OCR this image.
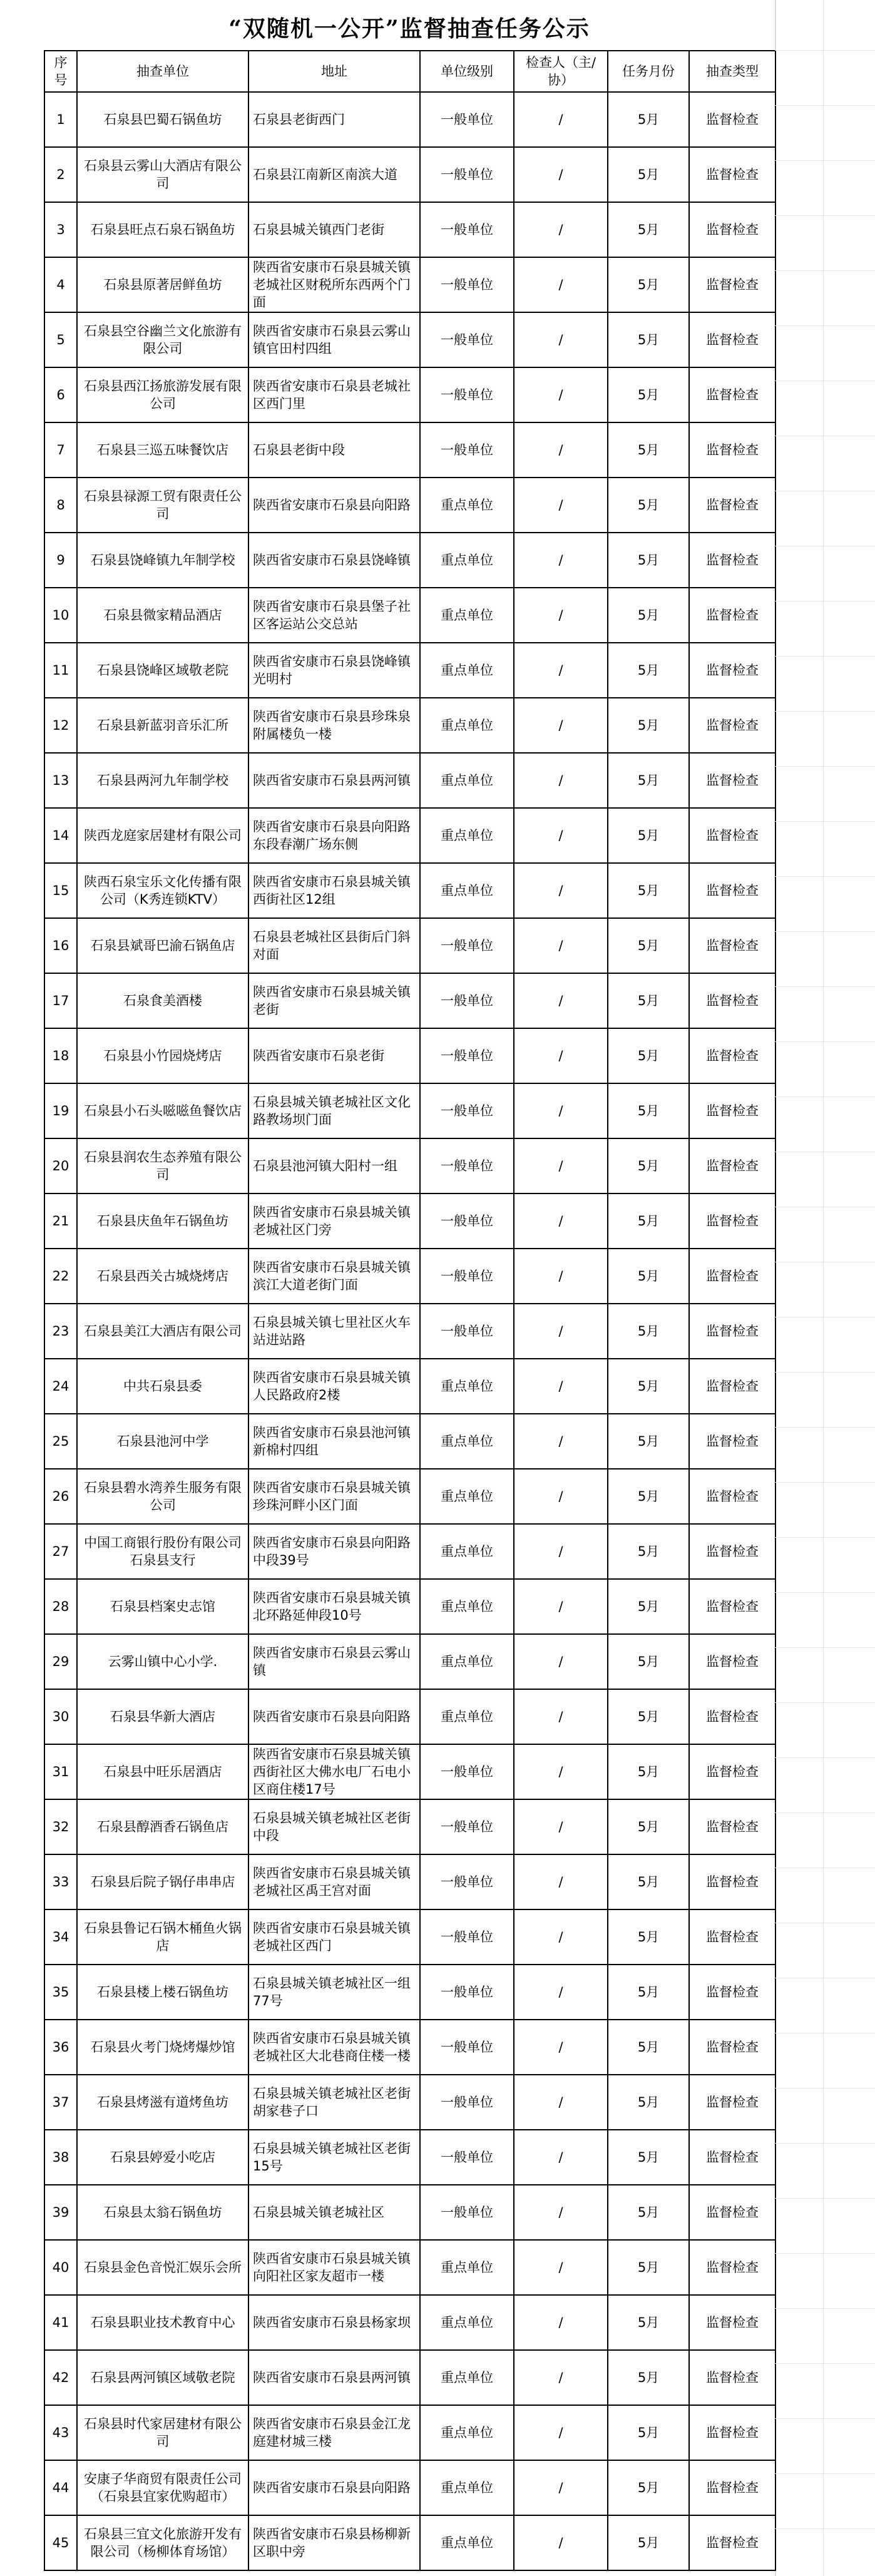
“双随机一公开”监督抽查任务公示
序号	抽查单位	地址	单位级别	检查人（主/协）	任务月份	抽查类型
1	石泉县巴蜀石锅鱼坊	石泉县老街西门	一般单位	/	5月	监督检查
2	石泉县云雾山大酒店有限公司	石泉县江南新区南滨大道	一般单位	/	5月	监督检查
3	石泉县旺点石泉石锅鱼坊	石泉县城关镇西门老街	一般单位	/	5月	监督检查
4	石泉县原著居鲜鱼坊	陕西省安康市石泉县城关镇老城社区财税所东西两个门面	一般单位	/	5月	监督检查
5	石泉县空谷幽兰文化旅游有限公司	陕西省安康市石泉县云雾山镇官田村四组	一般单位	/	5月	监督检查
6	石泉县西江扬旅游发展有限公司	陕西省安康市石泉县老城社区西门里	一般单位	/	5月	监督检查
7	石泉县三巡五味餐饮店	石泉县老街中段	一般单位	/	5月	监督检查
8	石泉县禄源工贸有限责任公司	陕西省安康市石泉县向阳路	重点单位	/	5月	监督检查
9	石泉县饶峰镇九年制学校	陕西省安康市石泉县饶峰镇	重点单位	/	5月	监督检查
10	石泉县微家精品酒店	陕西省安康市石泉县堡子社区客运站公交总站	重点单位	/	5月	监督检查
11	石泉县饶峰区域敬老院	陕西省安康市石泉县饶峰镇光明村	重点单位	/	5月	监督检查
12	石泉县新蓝羽音乐汇所	陕西省安康市石泉县珍珠泉附属楼负一楼	重点单位	/	5月	监督检查
13	石泉县两河九年制学校	陕西省安康市石泉县两河镇	重点单位	/	5月	监督检查
14	陕西龙庭家居建材有限公司	陕西省安康市石泉县向阳路东段春潮广场东侧	重点单位	/	5月	监督检查
15	陕西石泉宝乐文化传播有限公司（K秀连锁KTV）	陕西省安康市石泉县城关镇西街社区12组	重点单位	/	5月	监督检查
16	石泉县斌哥巴渝石锅鱼店	石泉县老城社区县街后门斜对面	一般单位	/	5月	监督检查
17	石泉食美酒楼	陕西省安康市石泉县城关镇老街	一般单位	/	5月	监督检查
18	石泉县小竹园烧烤店	陕西省安康市石泉老街	一般单位	/	5月	监督检查
19	石泉县小石头嗞嗞鱼餐饮店	石泉县城关镇老城社区文化路教场坝门面	一般单位	/	5月	监督检查
20	石泉县润农生态养殖有限公司	石泉县池河镇大阳村一组	一般单位	/	5月	监督检查
21	石泉县庆鱼年石锅鱼坊	陕西省安康市石泉县城关镇老城社区门旁	一般单位	/	5月	监督检查
22	石泉县西关古城烧烤店	陕西省安康市石泉县城关镇滨江大道老街门面	一般单位	/	5月	监督检查
23	石泉县美江大酒店有限公司	石泉县城关镇七里社区火车站进站路	一般单位	/	5月	监督检查
24	中共石泉县委	陕西省安康市石泉县城关镇人民路政府2楼	重点单位	/	5月	监督检查
25	石泉县池河中学	陕西省安康市石泉县池河镇新棉村四组	重点单位	/	5月	监督检查
26	石泉县碧水湾养生服务有限公司	陕西省安康市石泉县城关镇珍珠河畔小区门面	重点单位	/	5月	监督检查
27	中国工商银行股份有限公司石泉县支行	陕西省安康市石泉县向阳路中段39号	重点单位	/	5月	监督检查
28	石泉县档案史志馆	陕西省安康市石泉县城关镇北环路延伸段10号	重点单位	/	5月	监督检查
29	云雾山镇中心小学.	陕西省安康市石泉县云雾山镇	重点单位	/	5月	监督检查
30	石泉县华新大酒店	陕西省安康市石泉县向阳路	重点单位	/	5月	监督检查
31	石泉县中旺乐居酒店	陕西省安康市石泉县城关镇西街社区大佛水电厂石电小区商住楼17号	一般单位	/	5月	监督检查
32	石泉县醇酒香石锅鱼店	石泉县城关镇老城社区老街中段	一般单位	/	5月	监督检查
33	石泉县后院子锅仔串串店	陕西省安康市石泉县城关镇老城社区禹王宫对面	一般单位	/	5月	监督检查
34	石泉县鲁记石锅木桶鱼火锅店	陕西省安康市石泉县城关镇老城社区西门	一般单位	/	5月	监督检查
35	石泉县楼上楼石锅鱼坊	石泉县城关镇老城社区一组77号	一般单位	/	5月	监督检查
36	石泉县火考门烧烤爆炒馆	陕西省安康市石泉县城关镇老城社区大北巷商住楼一楼	一般单位	/	5月	监督检查
37	石泉县烤滋有道烤鱼坊	石泉县城关镇老城社区老街胡家巷子口	一般单位	/	5月	监督检查
38	石泉县婷爱小吃店	石泉县城关镇老城社区老街15号	一般单位	/	5月	监督检查
39	石泉县太翁石锅鱼坊	石泉县城关镇老城社区	一般单位	/	5月	监督检查
40	石泉县金色音悦汇娱乐会所	陕西省安康市石泉县城关镇向阳社区家友超市一楼	重点单位	/	5月	监督检查
41	石泉县职业技术教育中心	陕西省安康市石泉县杨家坝	重点单位	/	5月	监督检查
42	石泉县两河镇区域敬老院	陕西省安康市石泉县两河镇	重点单位	/	5月	监督检查
43	石泉县时代家居建材有限公司	陕西省安康市石泉县金江龙庭建材城三楼	重点单位	/	5月	监督检查
44	安康子华商贸有限责任公司（石泉县宜家优购超市）	陕西省安康市石泉县向阳路	重点单位	/	5月	监督检查
45	石泉县三宜文化旅游开发有限公司（杨柳体育场馆）	陕西省安康市石泉县杨柳新区职中旁	重点单位	/	5月	监督检查
